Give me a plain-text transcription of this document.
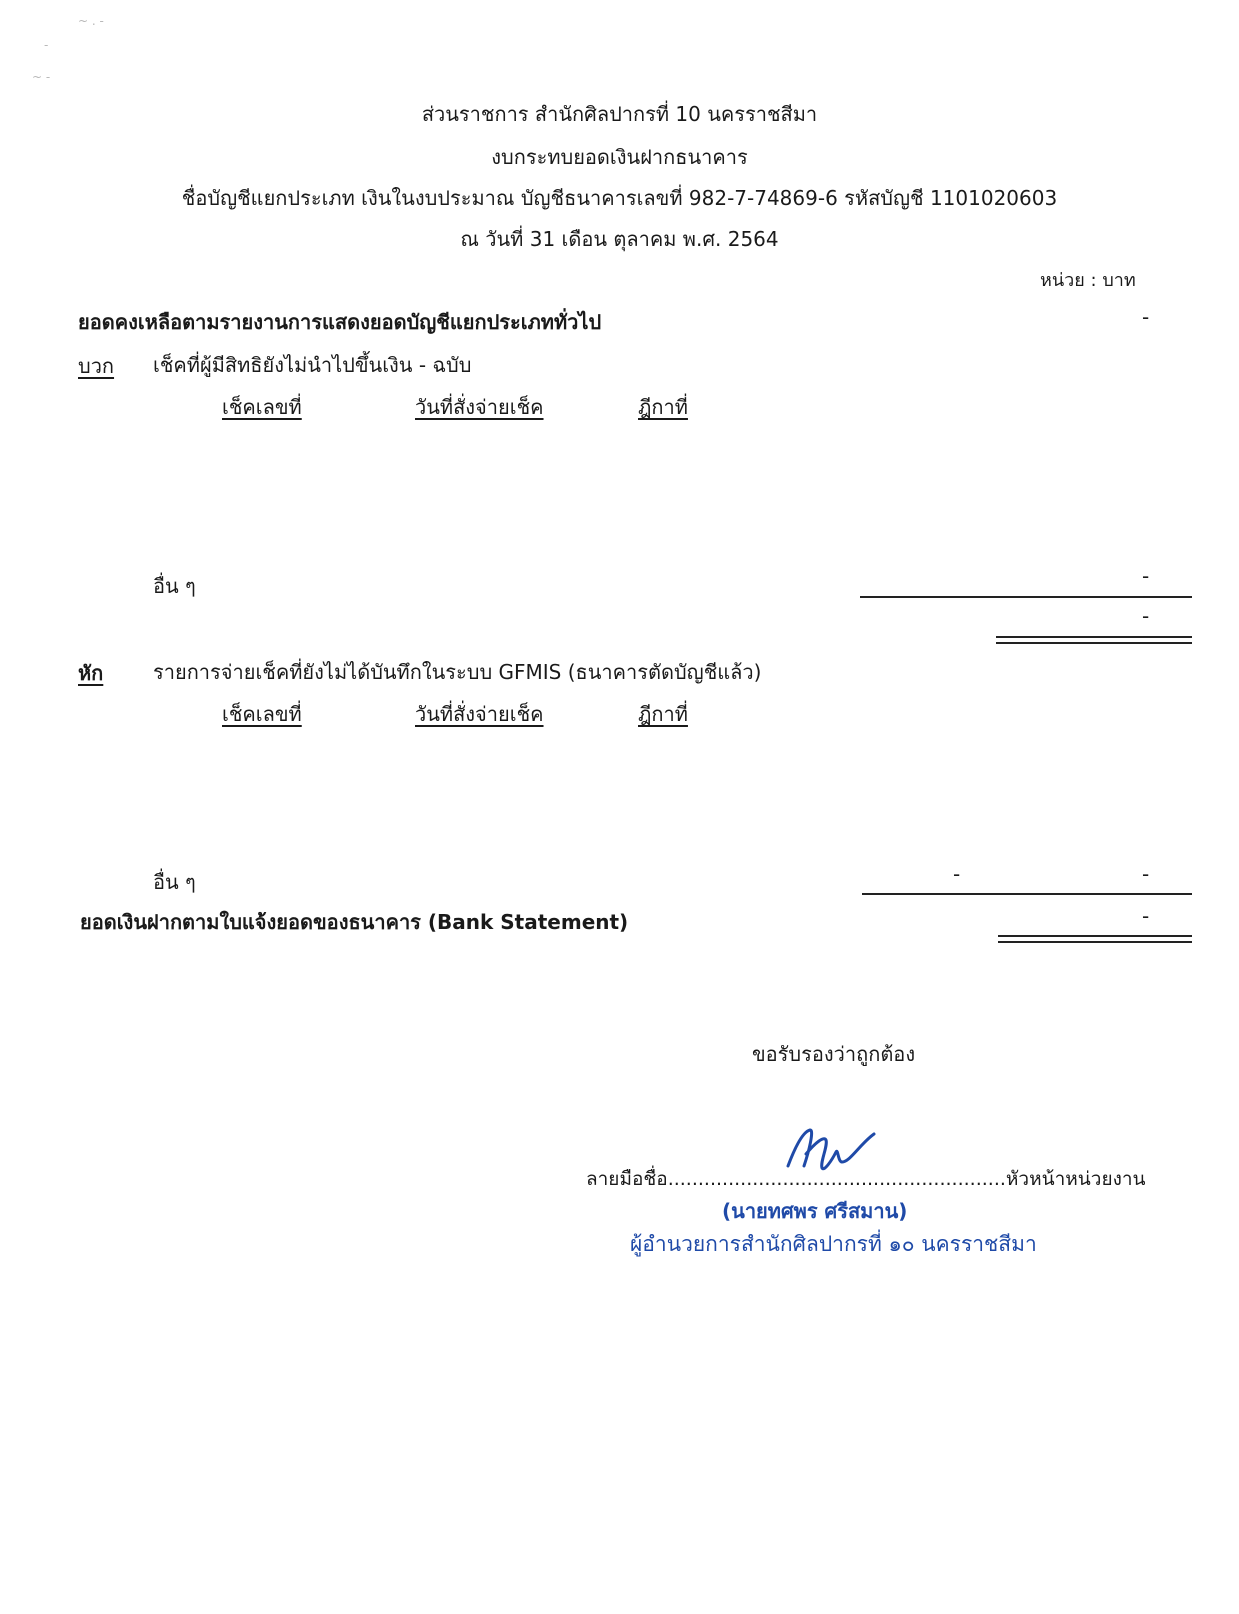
~ . -
-
~ -
ส่วนราชการ สำนักศิลปากรที่ 10 นครราชสีมา
งบกระทบยอดเงินฝากธนาคาร
ชื่อบัญชีแยกประเภท เงินในงบประมาณ บัญชีธนาคารเลขที่ 982-7-74869-6 รหัสบัญชี 1101020603
ณ วันที่ 31 เดือน ตุลาคม พ.ศ. 2564
หน่วย : บาท
ยอดคงเหลือตามรายงานการแสดงยอดบัญชีแยกประเภททั่วไป	-
บวก เช็คที่ผู้มีสิทธิยังไม่นำไปขึ้นเงิน - ฉบับ
เช็คเลขที่	วันที่สั่งจ่ายเช็ค	ฎีกาที่
อื่น ๆ	-
-
หัก รายการจ่ายเช็คที่ยังไม่ได้บันทึกในระบบ GFMIS (ธนาคารตัดบัญชีแล้ว)
เช็คเลขที่	วันที่สั่งจ่ายเช็ค	ฎีกาที่
อื่น ๆ	-	-
ยอดเงินฝากตามใบแจ้งยอดของธนาคาร (Bank Statement)	-
ขอรับรองว่าถูกต้อง
ลายมือชื่อ........................................................หัวหน้าหน่วยงาน
(นายทศพร ศรีสมาน)
ผู้อำนวยการสำนักศิลปากรที่ ๑๐ นครราชสีมา
